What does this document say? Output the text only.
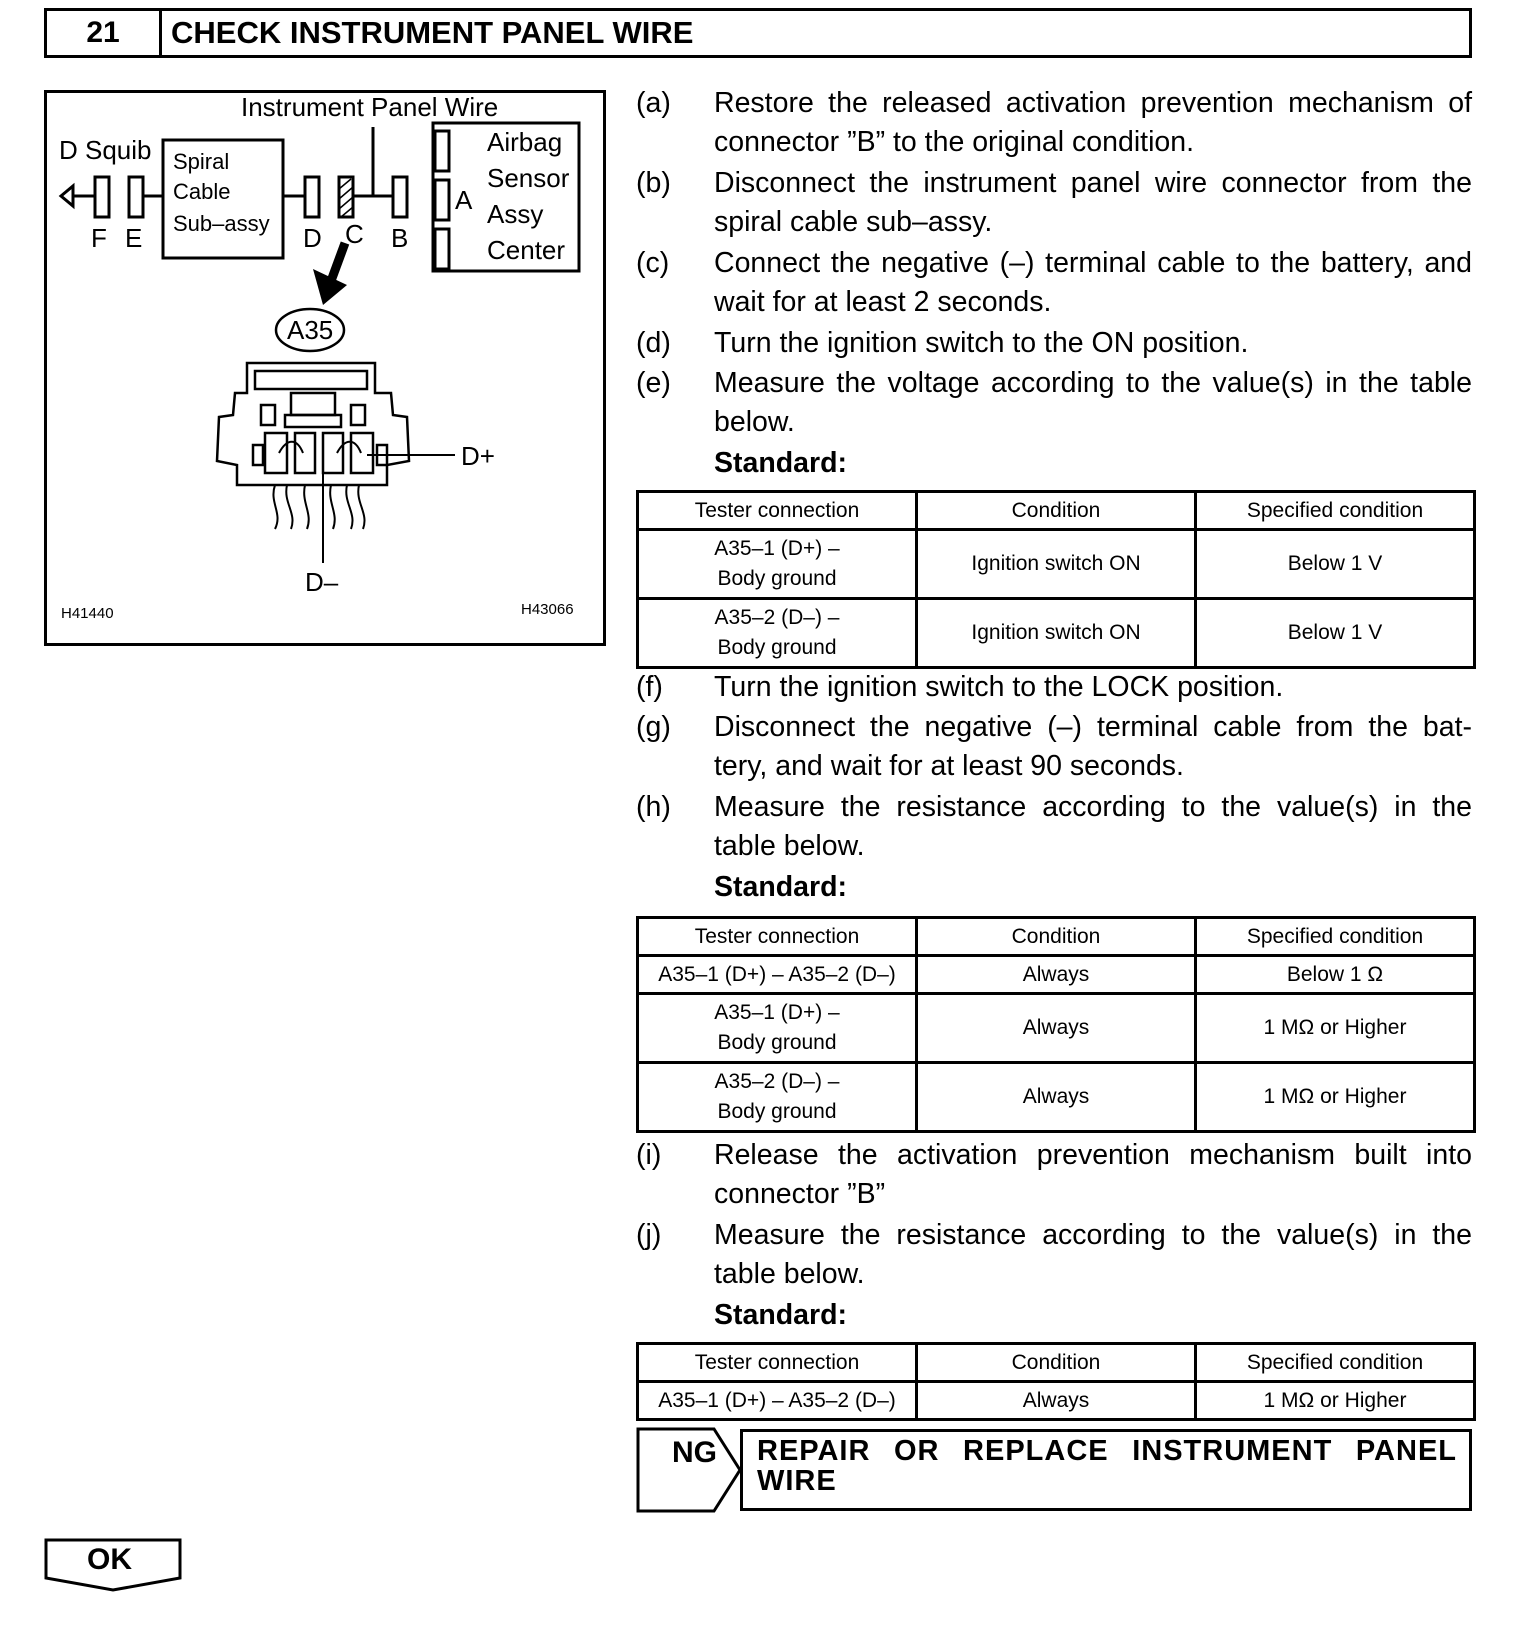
21	CHECK INSTRUMENT PANEL WIRE
Instrument Panel Wire
D Squib Spiral
Cable
Sub–assy
Airbag
Sensor
Assy
Center
A
F E	D C B
A35
D+
D–
H41440	H43066
(a) Restore the released activation prevention mechanism of connector ”B” to the original condition.
(b) Disconnect the instrument panel wire connector from the spiral cable sub–assy.
(c) Connect the negative (–) terminal cable to the battery, and wait for at least 2 seconds.
(d) Turn the ignition switch to the ON position.
(e) Measure the voltage according to the value(s) in the table below.
Standard:
Tester connection	Condition	Specified condition
A35–1 (D+) –
Body ground	Ignition switch ON	Below 1 V
A35–2 (D–) –
Body ground	Ignition switch ON	Below 1 V
(f) Turn the ignition switch to the LOCK position.
(g) Disconnect the negative (–) terminal cable from the bat- tery, and wait for at least 90 seconds.
(h) Measure the resistance according to the value(s) in the table below.
Standard:
Tester connection	Condition	Specified condition
A35–1 (D+) – A35–2 (D–)	Always	Below 1 Ω
A35–1 (D+) –
Body ground	Always	1 MΩ or Higher
A35–2 (D–) –
Body ground	Always	1 MΩ or Higher
(i) Release the activation prevention mechanism built into connector ”B”
(j) Measure the resistance according to the value(s) in the table below.
Standard:
Tester connection	Condition	Specified condition
A35–1 (D+) – A35–2 (D–)	Always	1 MΩ or Higher
NG REPAIR OR REPLACE INSTRUMENT PANEL WIRE
OK
